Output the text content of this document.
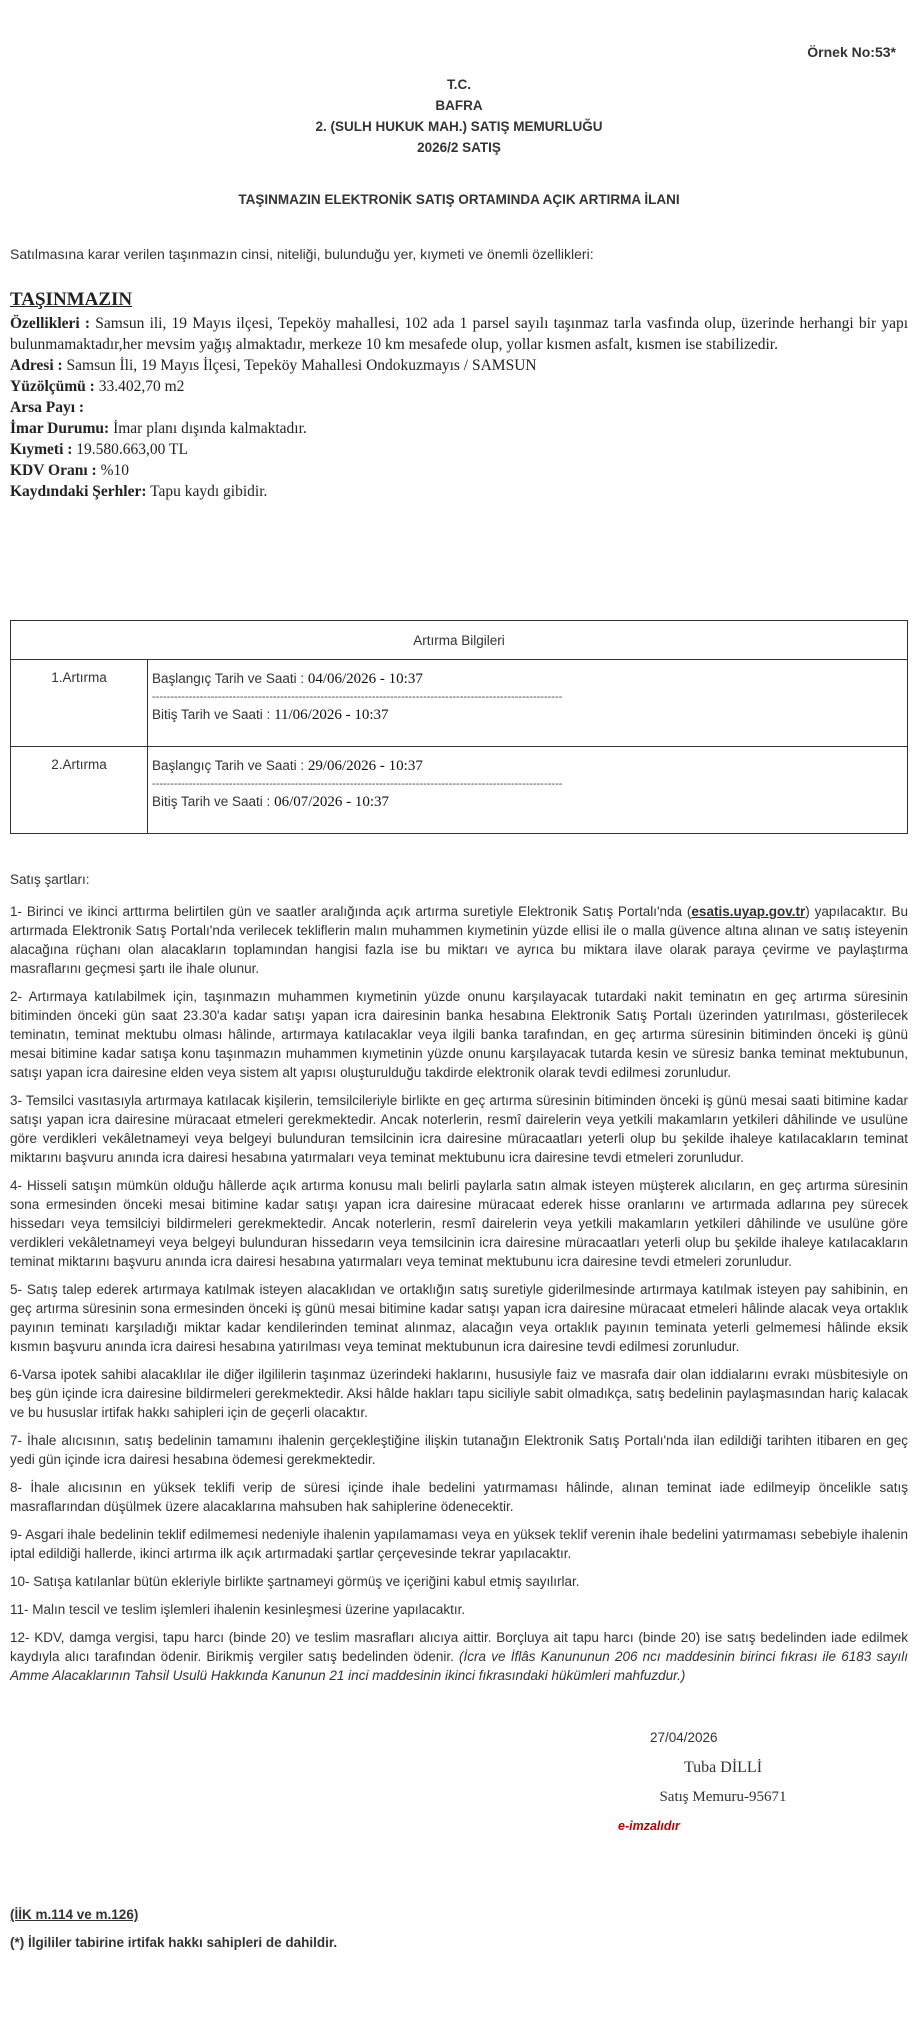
Örnek No:53*
T.C.
BAFRA
2. (SULH HUKUK MAH.) SATIŞ MEMURLUĞU
2026/2 SATIŞ
TAŞINMAZIN ELEKTRONİK SATIŞ ORTAMINDA AÇIK ARTIRMA İLANI
Satılmasına karar verilen taşınmazın cinsi, niteliği, bulunduğu yer, kıymeti ve önemli özellikleri:
TAŞINMAZIN
Özellikleri : Samsun ili, 19 Mayıs ilçesi, Tepeköy mahallesi, 102 ada 1 parsel sayılı taşınmaz tarla vasfında olup, üzerinde herhangi bir yapı bulunmamaktadır,her mevsim yağış almaktadır, merkeze 10 km mesafede olup, yollar kısmen asfalt, kısmen ise stabilizedir.
Adresi : Samsun İli, 19 Mayıs İlçesi, Tepeköy Mahallesi Ondokuzmayıs / SAMSUN
Yüzölçümü : 33.402,70 m2
Arsa Payı :
İmar Durumu: İmar planı dışında kalmaktadır.
Kıymeti : 19.580.663,00 TL
KDV Oranı : %10
Kaydındaki Şerhler: Tapu kaydı gibidir.
Artırma Bilgileri	
1.Artırma	Başlangıç Tarih ve Saati : 04/06/2026 - 10:37
----------------------------------------------------------------------------------------------------------------
Bitiş Tarih ve Saati : 11/06/2026 - 10:37

2.Artırma	Başlangıç Tarih ve Saati : 29/06/2026 - 10:37
----------------------------------------------------------------------------------------------------------------
Bitiş Tarih ve Saati : 06/07/2026 - 10:37

Satış şartları:

1- Birinci ve ikinci arttırma belirtilen gün ve saatler aralığında açık artırma suretiyle Elektronik Satış Portalı'nda (esatis.uyap.gov.tr) yapılacaktır. Bu artırmada Elektronik Satış Portalı'nda verilecek tekliflerin malın muhammen kıymetinin yüzde ellisi ile o malla güvence altına alınan ve satış isteyenin alacağına rüçhanı olan alacakların toplamından hangisi fazla ise bu miktarı ve ayrıca bu miktara ilave olarak paraya çevirme ve paylaştırma masraflarını geçmesi şartı ile ihale olunur.

2- Artırmaya katılabilmek için, taşınmazın muhammen kıymetinin yüzde onunu karşılayacak tutardaki nakit teminatın en geç artırma süresinin bitiminden önceki gün saat 23.30'a kadar satışı yapan icra dairesinin banka hesabına Elektronik Satış Portalı üzerinden yatırılması, gösterilecek teminatın, teminat mektubu olması hâlinde, artırmaya katılacaklar veya ilgili banka tarafından, en geç artırma süresinin bitiminden önceki iş günü mesai bitimine kadar satışa konu taşınmazın muhammen kıymetinin yüzde onunu karşılayacak tutarda kesin ve süresiz banka teminat mektubunun, satışı yapan icra dairesine elden veya sistem alt yapısı oluşturulduğu takdirde elektronik olarak tevdi edilmesi zorunludur.

3- Temsilci vasıtasıyla artırmaya katılacak kişilerin, temsilcileriyle birlikte en geç artırma süresinin bitiminden önceki iş günü mesai saati bitimine kadar satışı yapan icra dairesine müracaat etmeleri gerekmektedir. Ancak noterlerin, resmî dairelerin veya yetkili makamların yetkileri dâhilinde ve usulüne göre verdikleri vekâletnameyi veya belgeyi bulunduran temsilcinin icra dairesine müracaatları yeterli olup bu şekilde ihaleye katılacakların teminat miktarını başvuru anında icra dairesi hesabına yatırmaları veya teminat mektubunu icra dairesine tevdi etmeleri zorunludur.

4- Hisseli satışın mümkün olduğu hâllerde açık artırma konusu malı belirli paylarla satın almak isteyen müşterek alıcıların, en geç artırma süresinin sona ermesinden önceki mesai bitimine kadar satışı yapan icra dairesine müracaat ederek hisse oranlarını ve artırmada adlarına pey sürecek hissedarı veya temsilciyi bildirmeleri gerekmektedir. Ancak noterlerin, resmî dairelerin veya yetkili makamların yetkileri dâhilinde ve usulüne göre verdikleri vekâletnameyi veya belgeyi bulunduran hissedarın veya temsilcinin icra dairesine müracaatları yeterli olup bu şekilde ihaleye katılacakların teminat miktarını başvuru anında icra dairesi hesabına yatırmaları veya teminat mektubunu icra dairesine tevdi etmeleri zorunludur.

5- Satış talep ederek artırmaya katılmak isteyen alacaklıdan ve ortaklığın satış suretiyle giderilmesinde artırmaya katılmak isteyen pay sahibinin, en geç artırma süresinin sona ermesinden önceki iş günü mesai bitimine kadar satışı yapan icra dairesine müracaat etmeleri hâlinde alacak veya ortaklık payının teminatı karşıladığı miktar kadar kendilerinden teminat alınmaz, alacağın veya ortaklık payının teminata yeterli gelmemesi hâlinde eksik kısmın başvuru anında icra dairesi hesabına yatırılması veya teminat mektubunun icra dairesine tevdi edilmesi zorunludur.

6-Varsa ipotek sahibi alacaklılar ile diğer ilgililerin taşınmaz üzerindeki haklarını, hususiyle faiz ve masrafa dair olan iddialarını evrakı müsbitesiyle on beş gün içinde icra dairesine bildirmeleri gerekmektedir. Aksi hâlde hakları tapu siciliyle sabit olmadıkça, satış bedelinin paylaşmasından hariç kalacak ve bu hususlar irtifak hakkı sahipleri için de geçerli olacaktır.

7- İhale alıcısının, satış bedelinin tamamını ihalenin gerçekleştiğine ilişkin tutanağın Elektronik Satış Portalı'nda ilan edildiği tarihten itibaren en geç yedi gün içinde icra dairesi hesabına ödemesi gerekmektedir.

8- İhale alıcısının en yüksek teklifi verip de süresi içinde ihale bedelini yatırmaması hâlinde, alınan teminat iade edilmeyip öncelikle satış masraflarından düşülmek üzere alacaklarına mahsuben hak sahiplerine ödenecektir.

9- Asgari ihale bedelinin teklif edilmemesi nedeniyle ihalenin yapılamaması veya en yüksek teklif verenin ihale bedelini yatırmaması sebebiyle ihalenin iptal edildiği hallerde, ikinci artırma ilk açık artırmadaki şartlar çerçevesinde tekrar yapılacaktır.

10- Satışa katılanlar bütün ekleriyle birlikte şartnameyi görmüş ve içeriğini kabul etmiş sayılırlar.

11- Malın tescil ve teslim işlemleri ihalenin kesinleşmesi üzerine yapılacaktır.

12- KDV, damga vergisi, tapu harcı (binde 20) ve teslim masrafları alıcıya aittir. Borçluya ait tapu harcı (binde 20) ise satış bedelinden iade edilmek kaydıyla alıcı tarafından ödenir. Birikmiş vergiler satış bedelinden ödenir. (İcra ve İflâs Kanununun 206 ncı maddesinin birinci fıkrası ile 6183 sayılı Amme Alacaklarının Tahsil Usulü Hakkında Kanunun 21 inci maddesinin ikinci fıkrasındaki hükümleri mahfuzdur.)

27/04/2026
Tuba DİLLİ
Satış Memuru-95671
e-imzalıdır
(İİK m.114 ve m.126)
(*) İlgililer tabirine irtifak hakkı sahipleri de dahildir.
